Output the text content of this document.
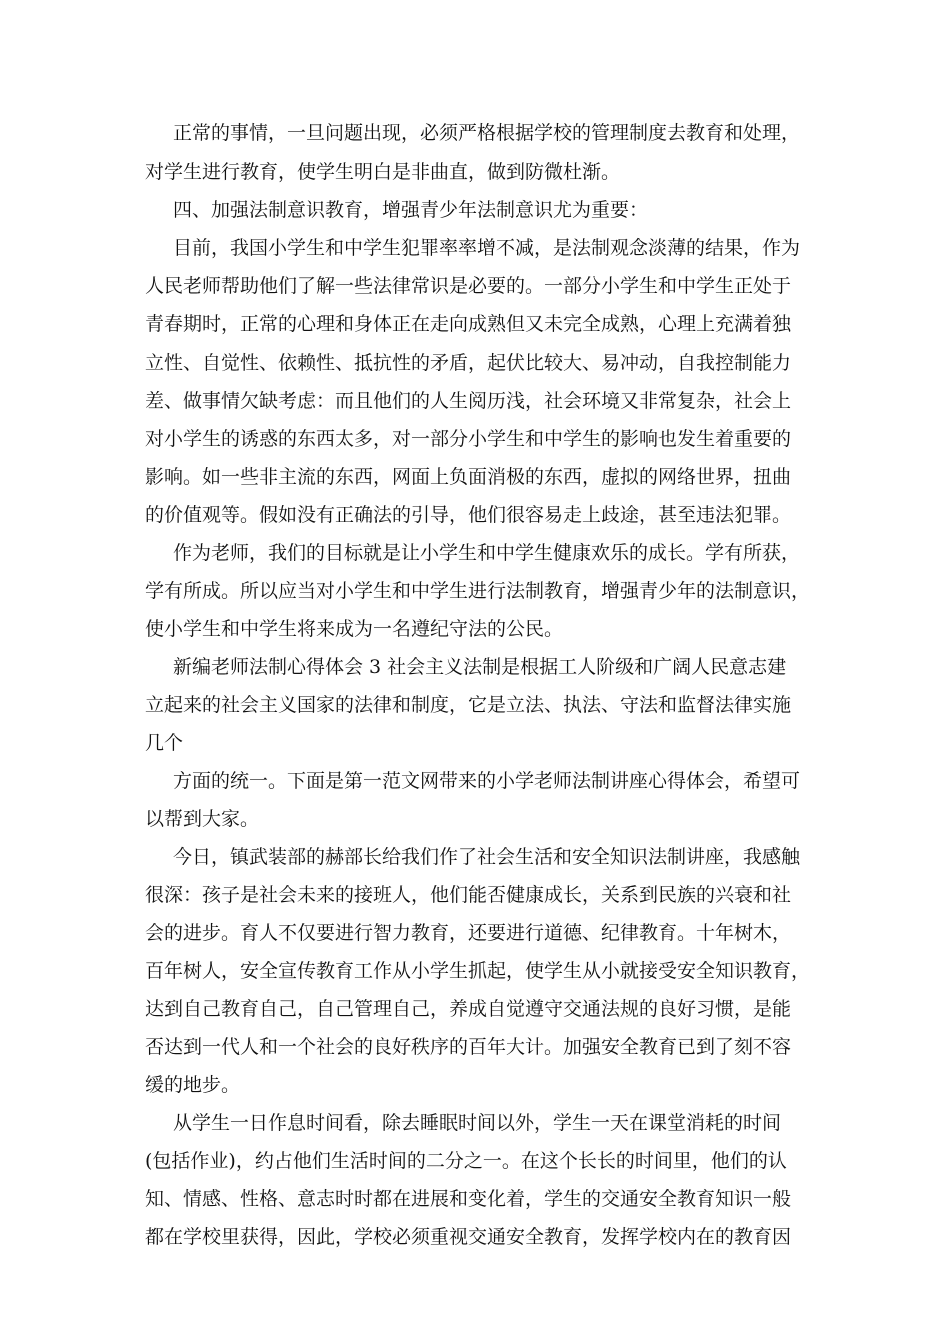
正常的事情，一旦问题出现，必须严格根据学校的管理制度去教育和处理，
对学生进行教育，使学生明白是非曲直，做到防微杜渐。
四、加强法制意识教育，增强青少年法制意识尤为重要：
目前，我国小学生和中学生犯罪率率增不减，是法制观念淡薄的结果，作为
人民老师帮助他们了解一些法律常识是必要的。一部分小学生和中学生正处于
青春期时，正常的心理和身体正在走向成熟但又未完全成熟，心理上充满着独
立性、自觉性、依赖性、抵抗性的矛盾，起伏比较大、易冲动，自我控制能力
差、做事情欠缺考虑：而且他们的人生阅历浅，社会环境又非常复杂，社会上
对小学生的诱惑的东西太多，对一部分小学生和中学生的影响也发生着重要的
影响。如一些非主流的东西，网面上负面消极的东西，虚拟的网络世界，扭曲
的价值观等。假如没有正确法的引导，他们很容易走上歧途，甚至违法犯罪。
作为老师，我们的目标就是让小学生和中学生健康欢乐的成长。学有所获，
学有所成。所以应当对小学生和中学生进行法制教育，增强青少年的法制意识，
使小学生和中学生将来成为一名遵纪守法的公民。
新编老师法制心得体会 3 社会主义法制是根据工人阶级和广阔人民意志建
立起来的社会主义国家的法律和制度，它是立法、执法、守法和监督法律实施
几个
方面的统一。下面是第一范文网带来的小学老师法制讲座心得体会，希望可
以帮到大家。
今日，镇武装部的赫部长给我们作了社会生活和安全知识法制讲座，我感触
很深：孩子是社会未来的接班人，他们能否健康成长，关系到民族的兴衰和社
会的进步。育人不仅要进行智力教育，还要进行道德、纪律教育。十年树木，
百年树人，安全宣传教育工作从小学生抓起，使学生从小就接受安全知识教育，
达到自己教育自己，自己管理自己，养成自觉遵守交通法规的良好习惯，是能
否达到一代人和一个社会的良好秩序的百年大计。加强安全教育已到了刻不容
缓的地步。
从学生一日作息时间看，除去睡眠时间以外，学生一天在课堂消耗的时间
(包括作业)，约占他们生活时间的二分之一。在这个长长的时间里，他们的认
知、情感、性格、意志时时都在进展和变化着，学生的交通安全教育知识一般
都在学校里获得，因此，学校必须重视交通安全教育，发挥学校内在的教育因
